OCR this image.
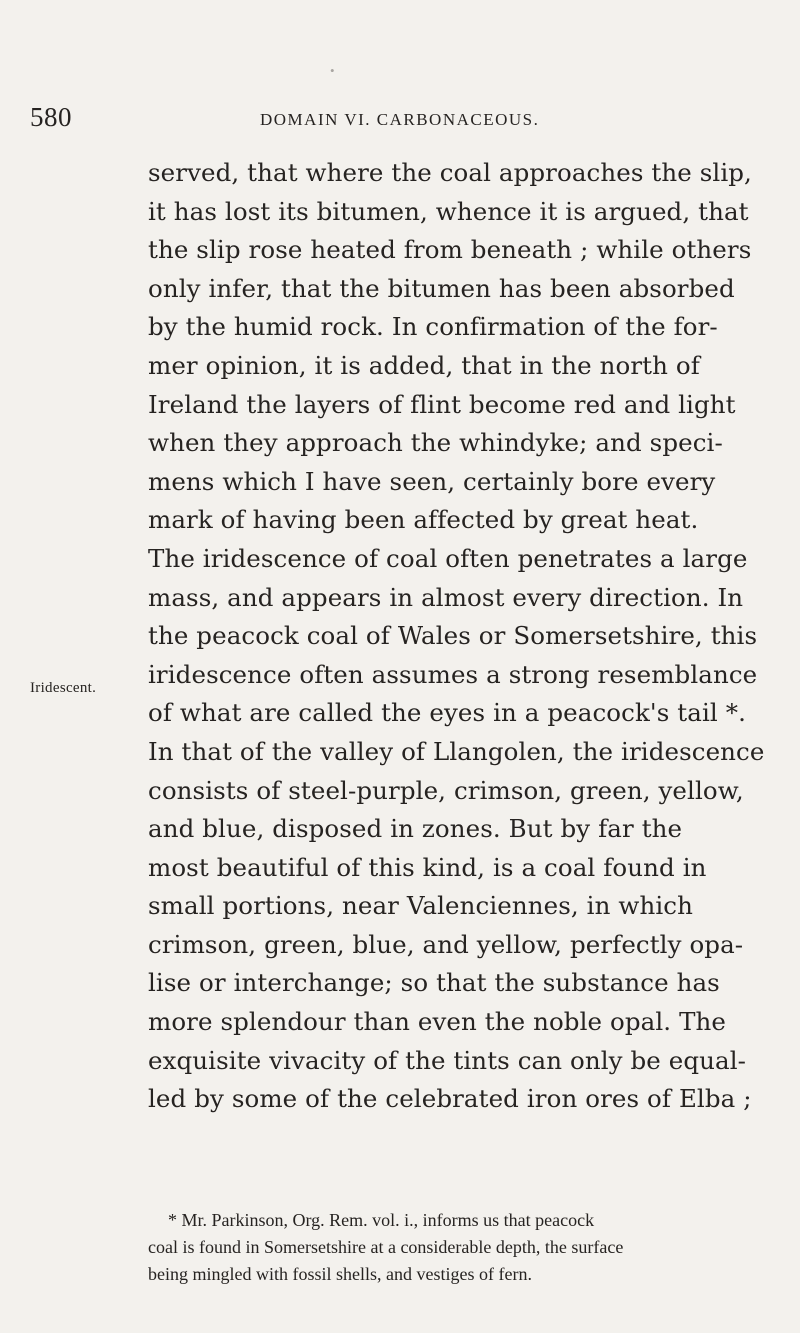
•
580	DOMAIN VI. CARBONACEOUS.
Iridescent.
served, that where the coal approaches the slip,
it has lost its bitumen, whence it is argued, that
the slip rose heated from beneath ; while others
only infer, that the bitumen has been absorbed
by the humid rock. In confirmation of the for-
mer opinion, it is added, that in the north of
Ireland the layers of flint become red and light
when they approach the whindyke; and speci-
mens which I have seen, certainly bore every
mark of having been affected by great heat.
The iridescence of coal often penetrates a large
mass, and appears in almost every direction. In
the peacock coal of Wales or Somersetshire, this
iridescence often assumes a strong resemblance
of what are called the eyes in a peacock's tail *.
In that of the valley of Llangolen, the iridescence
consists of steel-purple, crimson, green, yellow,
and blue, disposed in zones. But by far the
most beautiful of this kind, is a coal found in
small portions, near Valenciennes, in which
crimson, green, blue, and yellow, perfectly opa-
lise or interchange; so that the substance has
more splendour than even the noble opal. The
exquisite vivacity of the tints can only be equal-
led by some of the celebrated iron ores of Elba ;
* Mr. Parkinson, Org. Rem. vol. i., informs us that peacock
coal is found in Somersetshire at a considerable depth, the surface
being mingled with fossil shells, and vestiges of fern.
